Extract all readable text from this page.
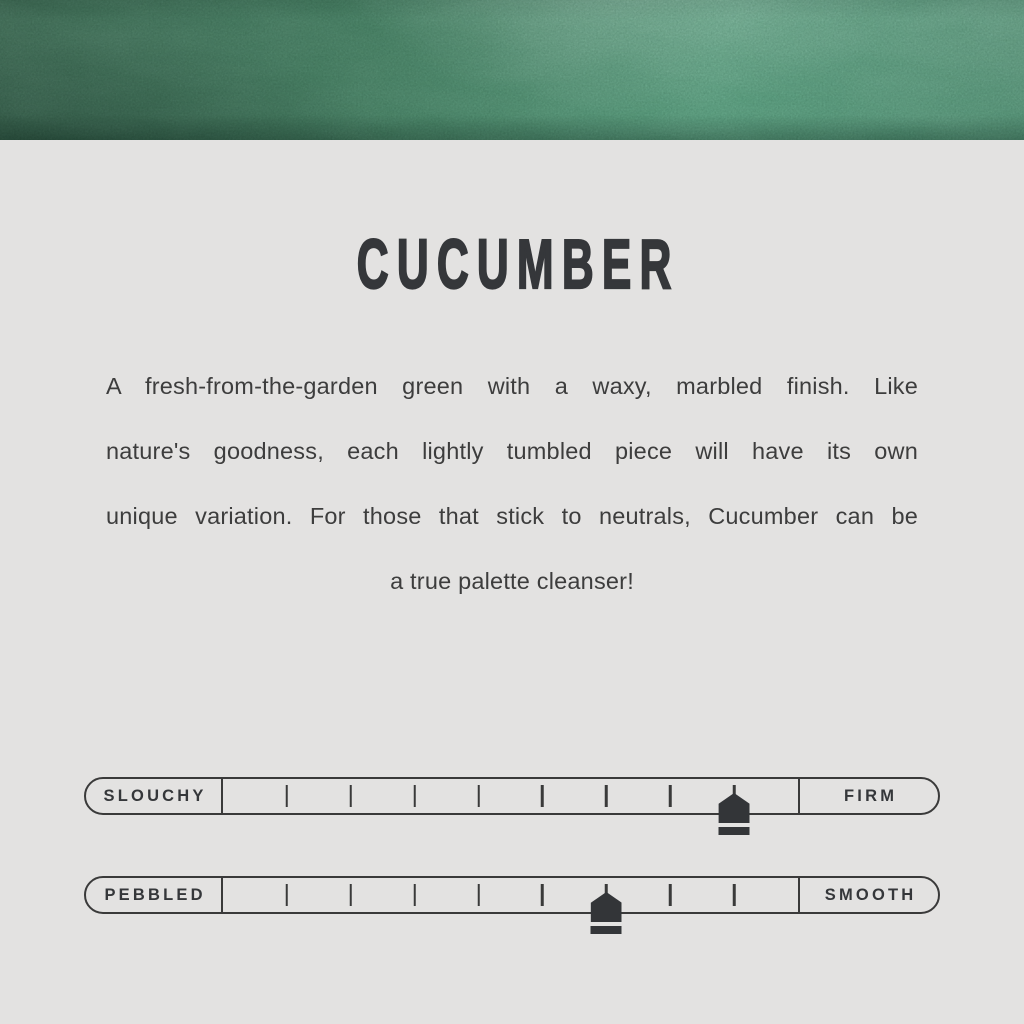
CUCUMBER
A fresh-from-the-garden green with a waxy, marbled finish. Like
nature's goodness, each lightly tumbled piece will have its own
unique variation. For those that stick to neutrals, Cucumber can be
a true palette cleanser!
SLOUCHY	FIRM
PEBBLED	SMOOTH
